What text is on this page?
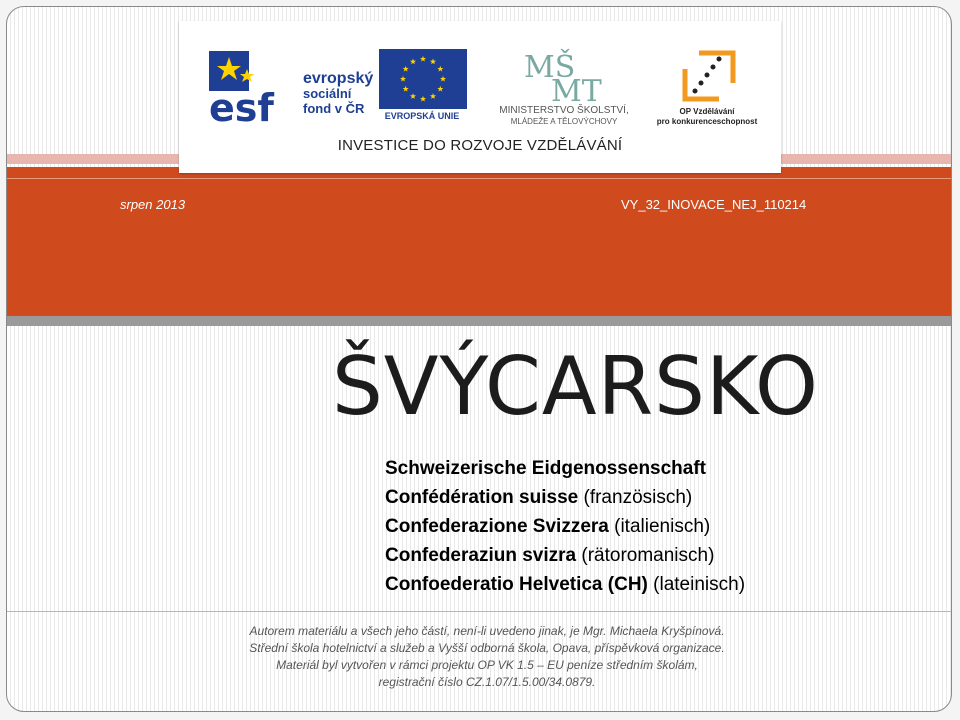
srpen 2013	VY_32_INOVACE_NEJ_110214
esf
evropský
sociální
fond v ČR	EVROPSKÁ UNIE
MŠ
MT
MINISTERSTVO ŠKOLSTVÍ,
MLÁDEŽE A TĚLOVÝCHOVY
OP Vzdělávání
pro konkurenceschopnost
INVESTICE DO ROZVOJE VZDĚLÁVÁNÍ
ŠVÝCARSKO
Schweizerische Eidgenossenschaft
Confédération suisse (französisch)
Confederazione Svizzera (italienisch)
Confederaziun svizra (rätoromanisch)
Confoederatio Helvetica (CH) (lateinisch)
Autorem materiálu a všech jeho částí, není-li uvedeno jinak, je Mgr. Michaela Kryšpínová.
Střední škola hotelnictví a služeb a Vyšší odborná škola, Opava, příspěvková organizace.
Materiál byl vytvořen v rámci projektu OP VK 1.5 – EU peníze středním školám,
registrační číslo CZ.1.07/1.5.00/34.0879.
